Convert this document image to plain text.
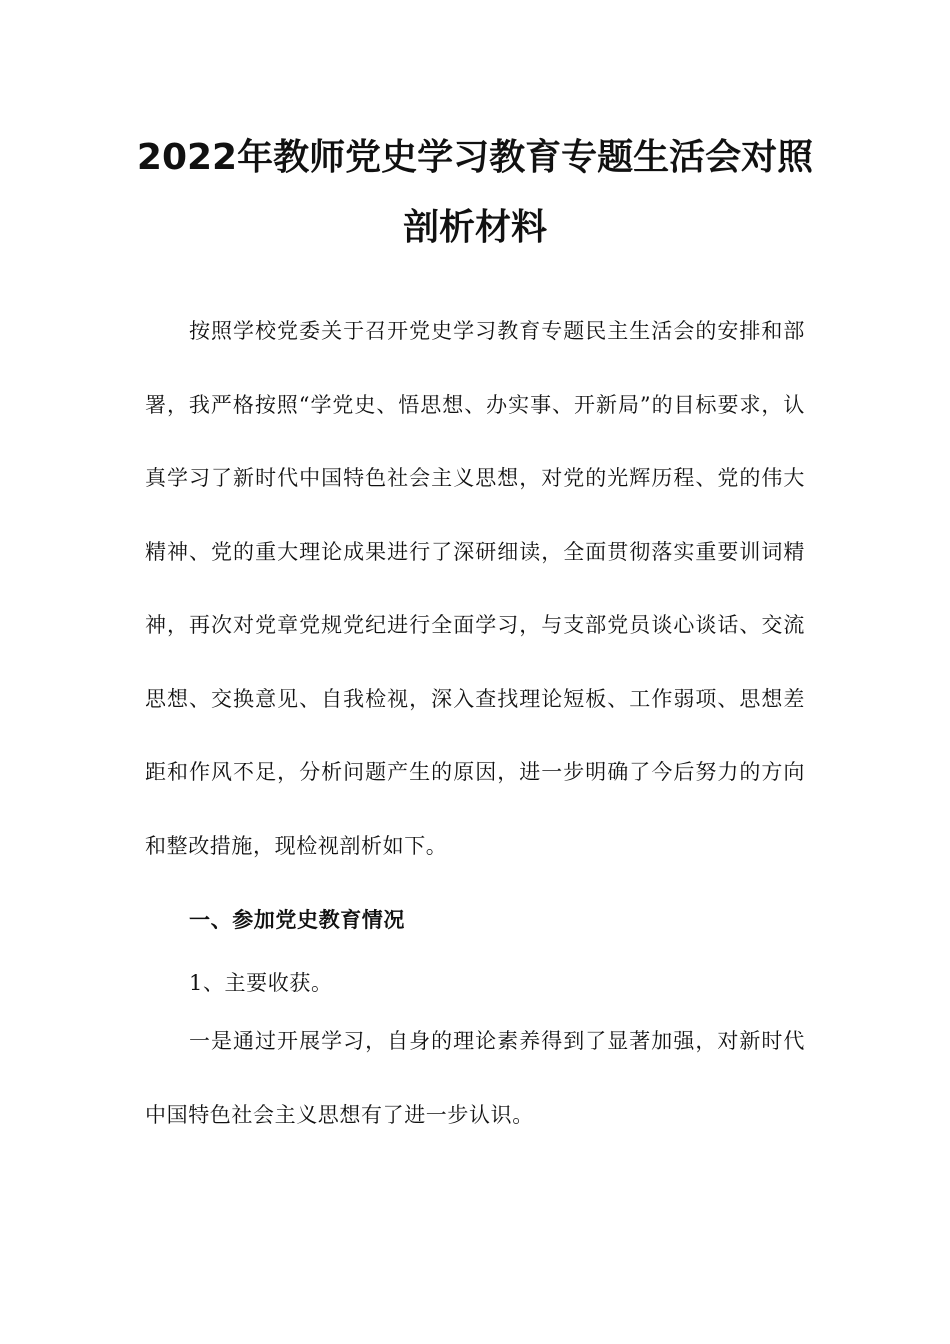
2022年教师党史学习教育专题生活会对照
剖析材料

按照学校党委关于召开党史学习教育专题民主生活会的安排和部署，我严格按照“学党史、悟思想、办实事、开新局”的目标要求，认真学习了新时代中国特色社会主义思想，对党的光辉历程、党的伟大精神、党的重大理论成果进行了深研细读，全面贯彻落实重要训词精神，再次对党章党规党纪进行全面学习，与支部党员谈心谈话、交流思想、交换意见、自我检视，深入查找理论短板、工作弱项、思想差距和作风不足，分析问题产生的原因，进一步明确了今后努力的方向和整改措施，现检视剖析如下。

一、参加党史教育情况
1、主要收获。

一是通过开展学习，自身的理论素养得到了显著加强，对新时代中国特色社会主义思想有了进一步认识。
